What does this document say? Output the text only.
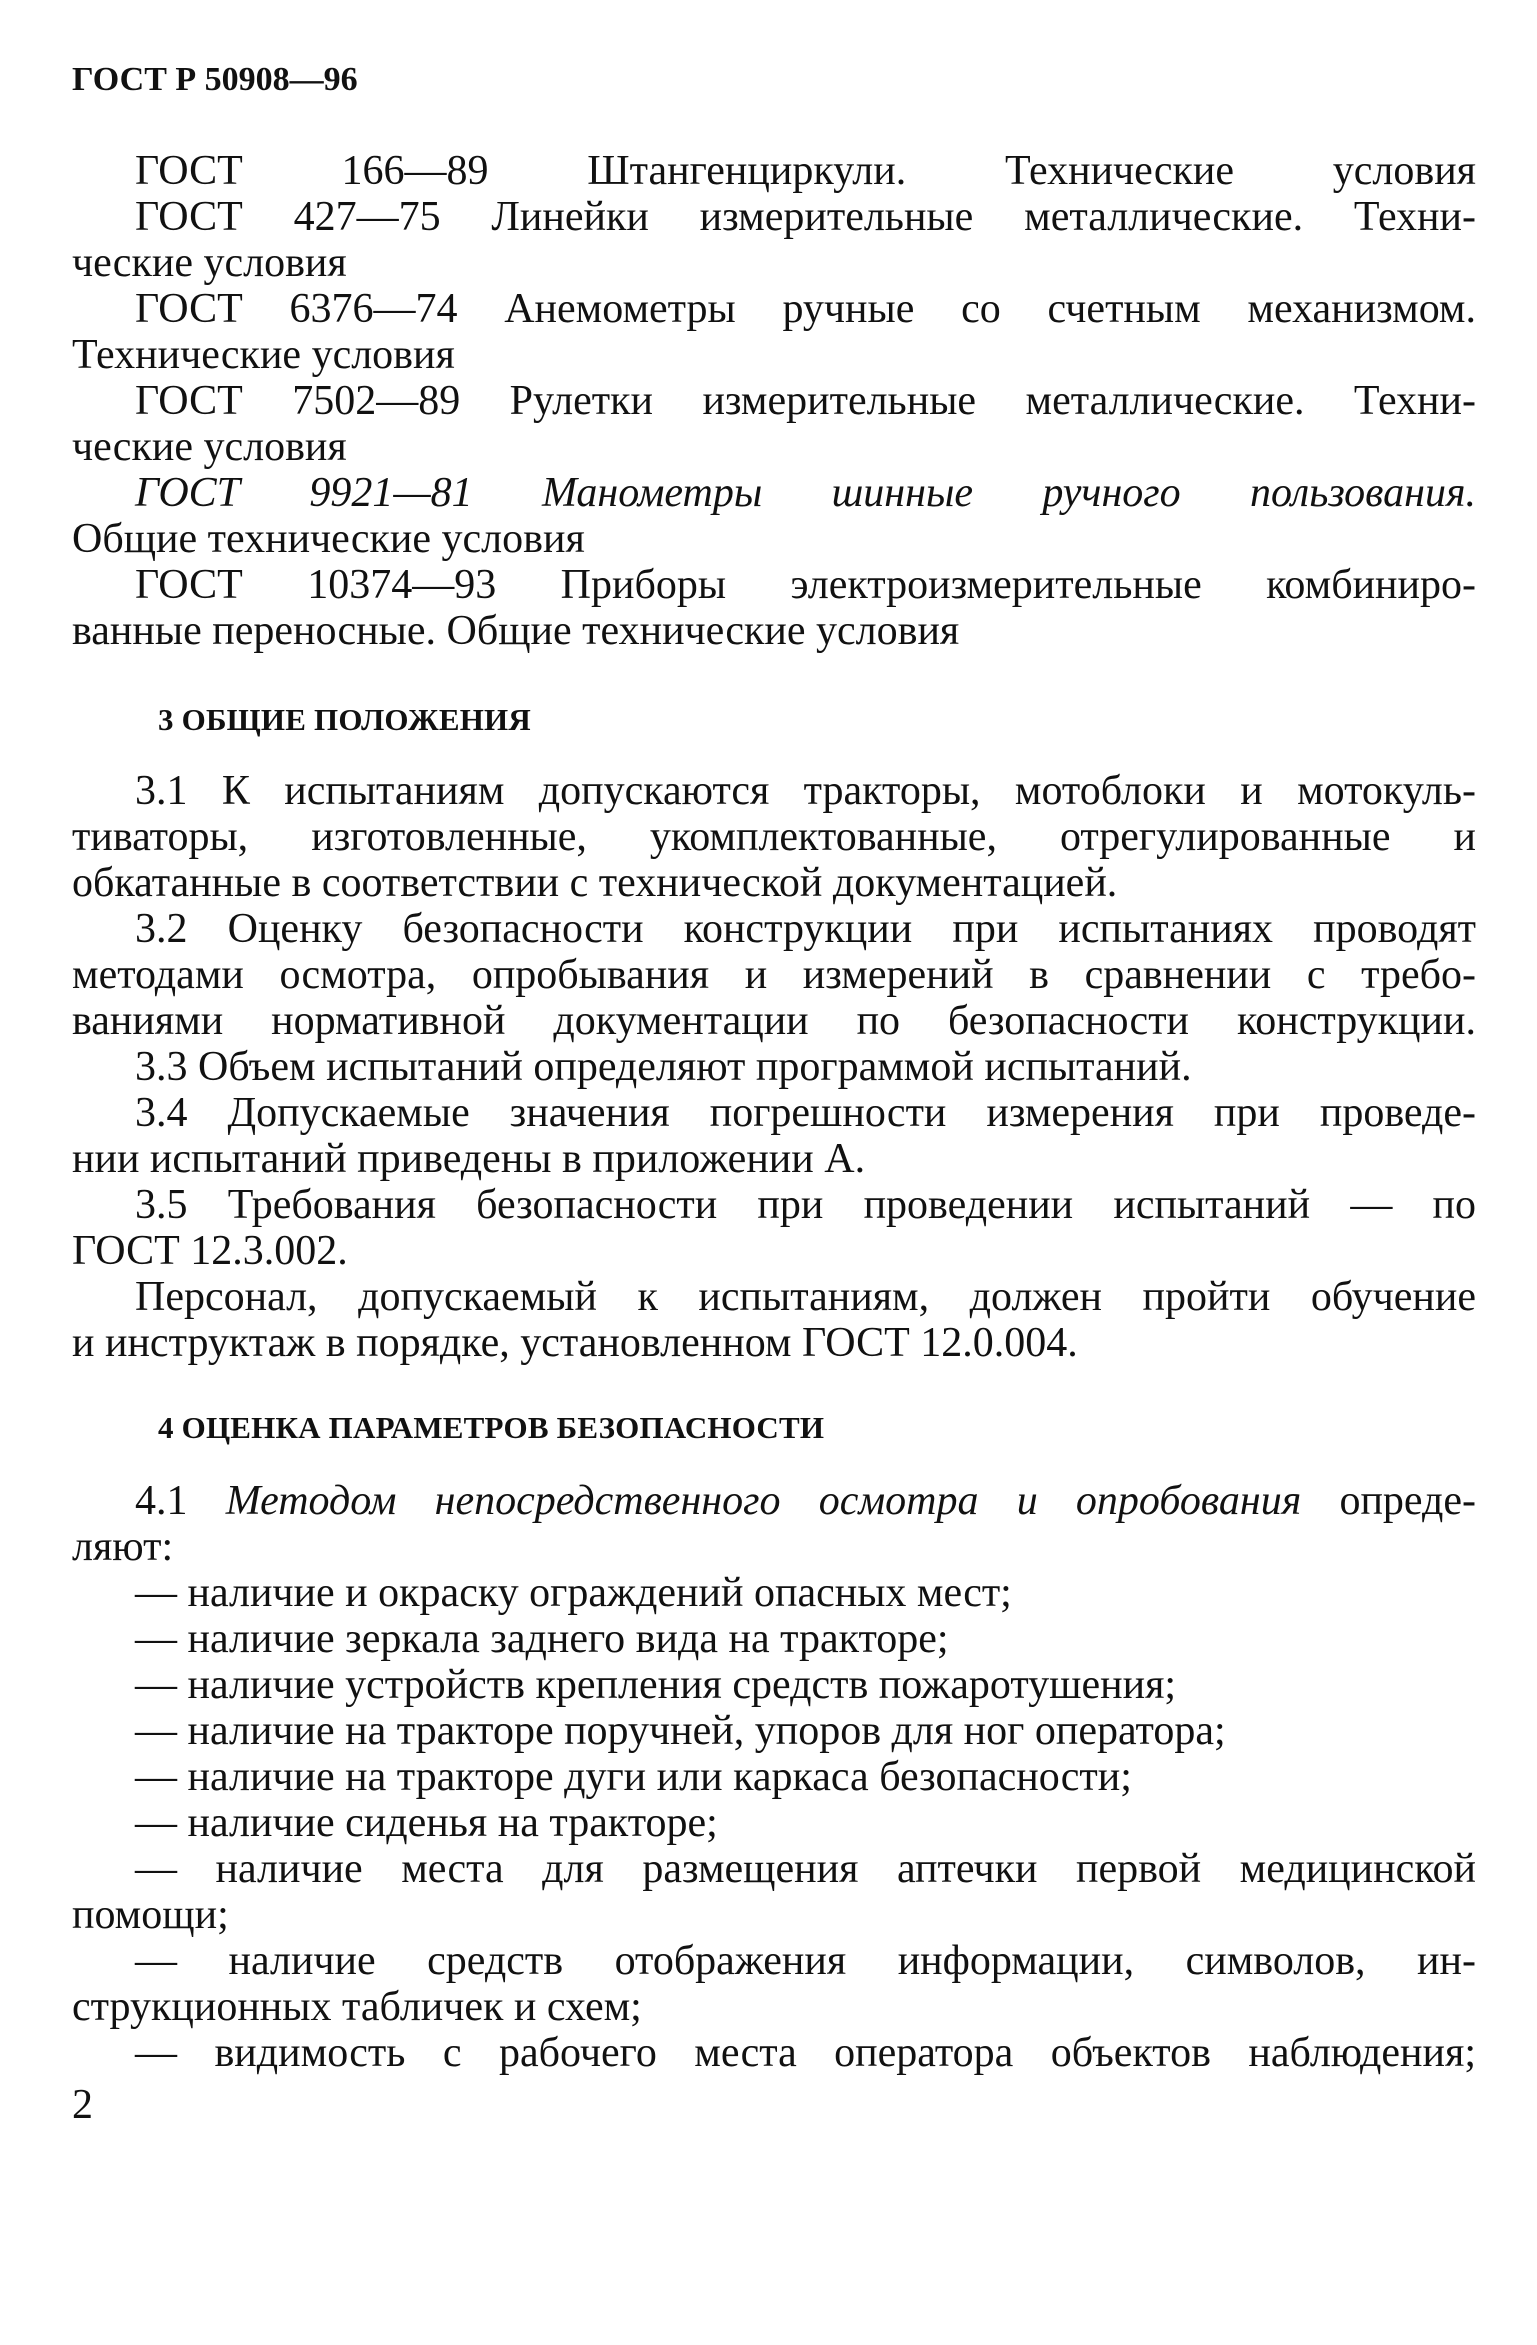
ГОСТ Р 50908—96
ГОСТ 166—89 Штангенциркули. Технические условия
ГОСТ 427—75 Линейки измерительные металлические. Техни-
ческие условия
ГОСТ 6376—74 Анемометры ручные со счетным механизмом.
Технические условия
ГОСТ 7502—89 Рулетки измерительные металлические. Техни-
ческие условия
ГОСТ 9921—81 Манометры шинные ручного пользования.
Общие технические условия
ГОСТ 10374—93 Приборы электроизмерительные комбиниро-
ванные переносные. Общие технические условия
3 ОБЩИЕ ПОЛОЖЕНИЯ
3.1 К испытаниям допускаются тракторы, мотоблоки и мотокуль-
тиваторы, изготовленные, укомплектованные, отрегулированные и
обкатанные в соответствии с технической документацией.
3.2 Оценку безопасности конструкции при испытаниях проводят
методами осмотра, опробывания и измерений в сравнении с требо-
ваниями нормативной документации по безопасности конструкции.
3.3 Объем испытаний определяют программой испытаний.
3.4 Допускаемые значения погрешности измерения при проведе-
нии испытаний приведены в приложении А.
3.5 Требования безопасности при проведении испытаний — по
ГОСТ 12.3.002.
Персонал, допускаемый к испытаниям, должен пройти обучение
и инструктаж в порядке, установленном ГОСТ 12.0.004.
4 ОЦЕНКА ПАРАМЕТРОВ БЕЗОПАСНОСТИ
4.1 Методом непосредственного осмотра и опробования опреде-
ляют:
— наличие и окраску ограждений опасных мест;
— наличие зеркала заднего вида на тракторе;
— наличие устройств крепления средств пожаротушения;
— наличие на тракторе поручней, упоров для ног оператора;
— наличие на тракторе дуги или каркаса безопасности;
— наличие сиденья на тракторе;
— наличие места для размещения аптечки первой медицинской
помощи;
— наличие средств отображения информации, символов, ин-
струкционных табличек и схем;
— видимость с рабочего места оператора объектов наблюдения;
2
